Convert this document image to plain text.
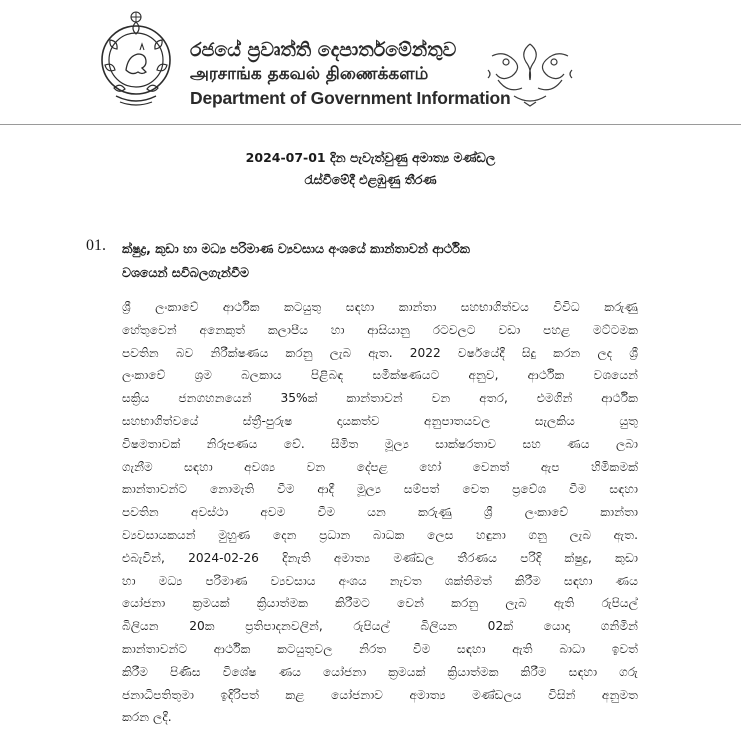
රජයේ ප්‍රවෘත්ති දෙපාර්තමේන්තුව
அரசாங்க தகவல் திணைக்களம்
Department of Government Information
2024-07-01 දින පැවැත්වුණු අමාත්‍ය මණ්ඩල
රැස්වීමේදී එළඹුණු තීරණ
01. ක්ෂුද්‍ර, කුඩා හා මධ්‍ය පරිමාණ ව්‍යවසාය අංශයේ කාන්තාවන් ආර්ථික
වශයෙන් සවිබලගැන්වීම
ශ්‍රී ලංකාවේ ආර්ථික කටයුතු සඳහා කාන්තා සහභාගිත්වය විවිධ කරුණු
හේතුවෙන් අනෙකුත් කලාපීය හා ආසියානු රටවලට වඩා පහළ මට්ටමක
පවතින බව නිරීක්ෂණය කරනු ලැබ ඇත. 2022 වර්ෂයේදී සිදු කරන ලද ශ්‍රී
ලංකාවේ ශ්‍රම බලකාය පිළිබඳ සමීක්ෂණයට අනුව, ආර්ථික වශයෙන්
සක්‍රිය ජනගහනයෙන් 35%ක් කාන්තාවන් වන අතර, එමගින් ආර්ථික
සහභාගිත්වයේ ස්ත්‍රී-පුරුෂ දායකත්ව අනුපාතයවල සැලකිය යුතු
විෂමතාවක් නිරූපණය වේ. සීමිත මූල්‍ය සාක්ෂරතාව සහ ණය ලබා
ගැනීම සඳහා අවශ්‍ය වන දේපළ හෝ වෙනත් ඇප හිමිකමක්
කාන්තාවන්ට නොමැති වීම ආදී මූල්‍ය සම්පත් වෙත ප්‍රවේශ වීම සඳහා
පවතින අවස්ථා අවම වීම යන කරුණු ශ්‍රී ලංකාවේ කාන්තා
ව්‍යවසායකයන් මුහුණ දෙන ප්‍රධාන බාධක ලෙස හඳුනා ගනු ලැබ ඇත.
එබැවින්, 2024-02-26 දිනැති අමාත්‍ය මණ්ඩල තීරණය පරිදි ක්ෂුද්‍ර, කුඩා
හා මධ්‍ය පරිමාණ ව්‍යවසාය අංශය නැවත ශක්තිමත් කිරීම සඳහා ණය
යෝජනා ක්‍රමයක් ක්‍රියාත්මක කිරීමට වෙන් කරනු ලැබ ඇති රුපියල්
බිලියන 20ක ප්‍රතිපාදනවලින්, රුපියල් බිලියන 02ක් යොදා ගනිමින්
කාන්තාවන්ට ආර්ථික කටයුතුවල නිරත වීම සඳහා ඇති බාධා ඉවත්
කිරීම පිණිස විශේෂ ණය යෝජනා ක්‍රමයක් ක්‍රියාත්මක කිරීම සඳහා ගරු
ජනාධිපතිතුමා ඉදිරිපත් කළ යෝජනාව අමාත්‍ය මණ්ඩලය විසින් අනුමත
කරන ලදී.
